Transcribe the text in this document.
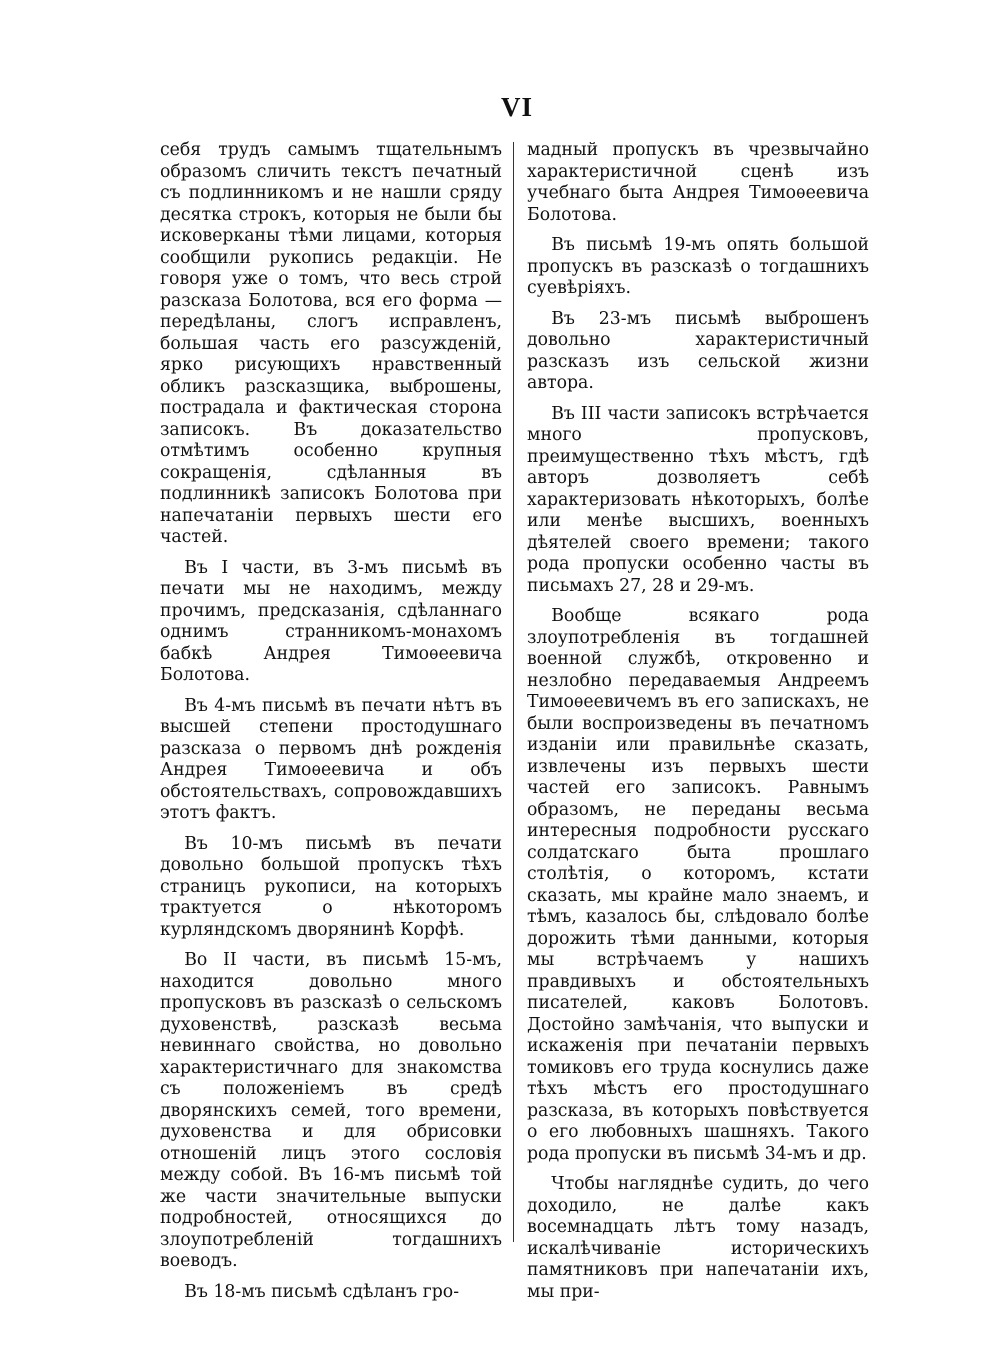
VI

себя трудъ самымъ тщательнымъ образомъ сличить текстъ печатный съ подлинникомъ и не нашли сряду десятка строкъ, которыя не были бы исковерканы тѣми лицами, которыя сообщили рукопись редакціи. Не говоря уже о томъ, что весь строй разсказа Болотова, вся его форма — передѣланы, слогъ исправленъ, большая часть его разсужденій, ярко рисующихъ нравственный обликъ разсказщика, выброшены, пострадала и фактическая сторона записокъ. Въ доказательство отмѣтимъ особенно крупныя сокращенія, сдѣланныя въ подлинникѣ записокъ Болотова при напечатаніи первыхъ шести его частей.

Въ I части, въ 3-мъ письмѣ въ печати мы не находимъ, между прочимъ, предсказанія, сдѣланнаго однимъ странникомъ-монахомъ бабкѣ Андрея Тимоѳеевича Болотова.

Въ 4-мъ письмѣ въ печати нѣтъ въ высшей степени простодушнаго разсказа о первомъ днѣ рожденія Андрея Тимоѳеевича и объ обстоятельствахъ, сопровождавшихъ этотъ фактъ.

Въ 10-мъ письмѣ въ печати довольно большой пропускъ тѣхъ страницъ рукописи, на которыхъ трактуется о нѣкоторомъ курляндскомъ дворянинѣ Корфѣ.

Во II части, въ письмѣ 15-мъ, находится довольно много пропусковъ въ разсказѣ о сельскомъ духовенствѣ, разсказѣ весьма невиннаго свойства, но довольно характеристичнаго для знакомства съ положеніемъ въ средѣ дворянскихъ семей, того времени, духовенства и для обрисовки отношеній лицъ этого сословія между собой. Въ 16-мъ письмѣ той же части значительные выпуски подробностей, относящихся до злоупотребленій тогдашнихъ воеводъ.

Въ 18-мъ письмѣ сдѣланъ гро-

мадный пропускъ въ чрезвычайно характеристичной сценѣ изъ учебнаго быта Андрея Тимоѳеевича Болотова.

Въ письмѣ 19-мъ опять большой пропускъ въ разсказѣ о тогдашнихъ суевѣріяхъ.

Въ 23-мъ письмѣ выброшенъ довольно характеристичный разсказъ изъ сельской жизни автора.

Въ III части записокъ встрѣчается много пропусковъ, преимущественно тѣхъ мѣстъ, гдѣ авторъ дозволяетъ себѣ характеризовать нѣкоторыхъ, болѣе или менѣе высшихъ, военныхъ дѣятелей своего времени; такого рода пропуски особенно часты въ письмахъ 27, 28 и 29-мъ.

Вообще всякаго рода злоупотребленія въ тогдашней военной службѣ, откровенно и незлобно передаваемыя Андреемъ Тимоѳеевичемъ въ его запискахъ, не были воспроизведены въ печатномъ изданіи или правильнѣе сказать, извлечены изъ первыхъ шести частей его записокъ. Равнымъ образомъ, не переданы весьма интересныя подробности русскаго солдатскаго быта прошлаго столѣтія, о которомъ, кстати сказать, мы крайне мало знаемъ, и тѣмъ, казалось бы, слѣдовало болѣе дорожить тѣми данными, которыя мы встрѣчаемъ у нашихъ правдивыхъ и обстоятельныхъ писателей, каковъ Болотовъ. Достойно замѣчанія, что выпуски и искаженія при печатаніи первыхъ томиковъ его труда коснулись даже тѣхъ мѣстъ его простодушнаго разсказа, въ которыхъ повѣствуется о его любовныхъ шашняхъ. Такого рода пропуски въ письмѣ 34-мъ и др.

Чтобы нагляднѣе судить, до чего доходило, не далѣе какъ восемнадцать лѣтъ тому назадъ, искалѣчиваніе историческихъ памятниковъ при напечатаніи ихъ, мы при-
